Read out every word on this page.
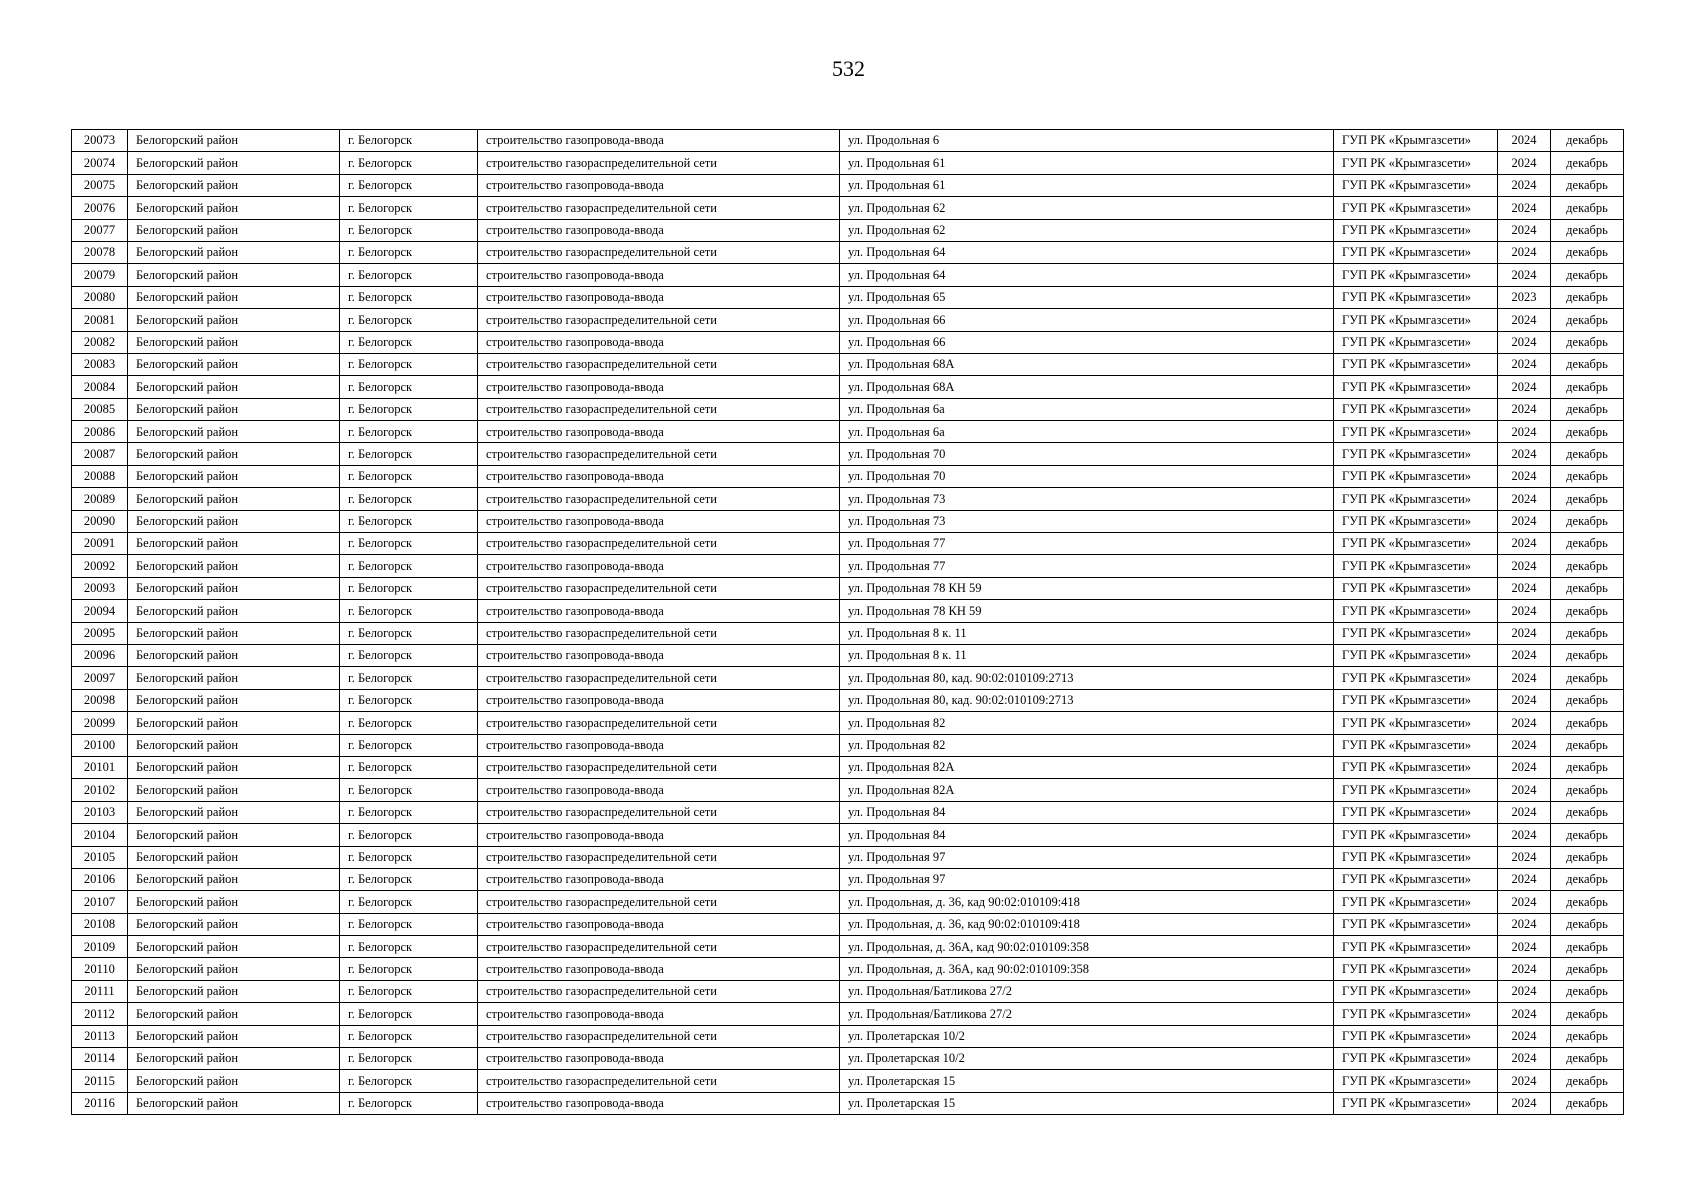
532
20073	Белогорский район	г. Белогорск	строительство газопровода-ввода	ул. Продольная 6	ГУП РК «Крымгазсети»	2024	декабрь
20074	Белогорский район	г. Белогорск	строительство газораспределительной сети	ул. Продольная 61	ГУП РК «Крымгазсети»	2024	декабрь
20075	Белогорский район	г. Белогорск	строительство газопровода-ввода	ул. Продольная 61	ГУП РК «Крымгазсети»	2024	декабрь
20076	Белогорский район	г. Белогорск	строительство газораспределительной сети	ул. Продольная 62	ГУП РК «Крымгазсети»	2024	декабрь
20077	Белогорский район	г. Белогорск	строительство газопровода-ввода	ул. Продольная 62	ГУП РК «Крымгазсети»	2024	декабрь
20078	Белогорский район	г. Белогорск	строительство газораспределительной сети	ул. Продольная 64	ГУП РК «Крымгазсети»	2024	декабрь
20079	Белогорский район	г. Белогорск	строительство газопровода-ввода	ул. Продольная 64	ГУП РК «Крымгазсети»	2024	декабрь
20080	Белогорский район	г. Белогорск	строительство газопровода-ввода	ул. Продольная 65	ГУП РК «Крымгазсети»	2023	декабрь
20081	Белогорский район	г. Белогорск	строительство газораспределительной сети	ул. Продольная 66	ГУП РК «Крымгазсети»	2024	декабрь
20082	Белогорский район	г. Белогорск	строительство газопровода-ввода	ул. Продольная 66	ГУП РК «Крымгазсети»	2024	декабрь
20083	Белогорский район	г. Белогорск	строительство газораспределительной сети	ул. Продольная 68А	ГУП РК «Крымгазсети»	2024	декабрь
20084	Белогорский район	г. Белогорск	строительство газопровода-ввода	ул. Продольная 68А	ГУП РК «Крымгазсети»	2024	декабрь
20085	Белогорский район	г. Белогорск	строительство газораспределительной сети	ул. Продольная 6а	ГУП РК «Крымгазсети»	2024	декабрь
20086	Белогорский район	г. Белогорск	строительство газопровода-ввода	ул. Продольная 6а	ГУП РК «Крымгазсети»	2024	декабрь
20087	Белогорский район	г. Белогорск	строительство газораспределительной сети	ул. Продольная 70	ГУП РК «Крымгазсети»	2024	декабрь
20088	Белогорский район	г. Белогорск	строительство газопровода-ввода	ул. Продольная 70	ГУП РК «Крымгазсети»	2024	декабрь
20089	Белогорский район	г. Белогорск	строительство газораспределительной сети	ул. Продольная 73	ГУП РК «Крымгазсети»	2024	декабрь
20090	Белогорский район	г. Белогорск	строительство газопровода-ввода	ул. Продольная 73	ГУП РК «Крымгазсети»	2024	декабрь
20091	Белогорский район	г. Белогорск	строительство газораспределительной сети	ул. Продольная 77	ГУП РК «Крымгазсети»	2024	декабрь
20092	Белогорский район	г. Белогорск	строительство газопровода-ввода	ул. Продольная 77	ГУП РК «Крымгазсети»	2024	декабрь
20093	Белогорский район	г. Белогорск	строительство газораспределительной сети	ул. Продольная 78 КН 59	ГУП РК «Крымгазсети»	2024	декабрь
20094	Белогорский район	г. Белогорск	строительство газопровода-ввода	ул. Продольная 78 КН 59	ГУП РК «Крымгазсети»	2024	декабрь
20095	Белогорский район	г. Белогорск	строительство газораспределительной сети	ул. Продольная 8 к. 11	ГУП РК «Крымгазсети»	2024	декабрь
20096	Белогорский район	г. Белогорск	строительство газопровода-ввода	ул. Продольная 8 к. 11	ГУП РК «Крымгазсети»	2024	декабрь
20097	Белогорский район	г. Белогорск	строительство газораспределительной сети	ул. Продольная 80, кад. 90:02:010109:2713	ГУП РК «Крымгазсети»	2024	декабрь
20098	Белогорский район	г. Белогорск	строительство газопровода-ввода	ул. Продольная 80, кад. 90:02:010109:2713	ГУП РК «Крымгазсети»	2024	декабрь
20099	Белогорский район	г. Белогорск	строительство газораспределительной сети	ул. Продольная 82	ГУП РК «Крымгазсети»	2024	декабрь
20100	Белогорский район	г. Белогорск	строительство газопровода-ввода	ул. Продольная 82	ГУП РК «Крымгазсети»	2024	декабрь
20101	Белогорский район	г. Белогорск	строительство газораспределительной сети	ул. Продольная 82А	ГУП РК «Крымгазсети»	2024	декабрь
20102	Белогорский район	г. Белогорск	строительство газопровода-ввода	ул. Продольная 82А	ГУП РК «Крымгазсети»	2024	декабрь
20103	Белогорский район	г. Белогорск	строительство газораспределительной сети	ул. Продольная 84	ГУП РК «Крымгазсети»	2024	декабрь
20104	Белогорский район	г. Белогорск	строительство газопровода-ввода	ул. Продольная 84	ГУП РК «Крымгазсети»	2024	декабрь
20105	Белогорский район	г. Белогорск	строительство газораспределительной сети	ул. Продольная 97	ГУП РК «Крымгазсети»	2024	декабрь
20106	Белогорский район	г. Белогорск	строительство газопровода-ввода	ул. Продольная 97	ГУП РК «Крымгазсети»	2024	декабрь
20107	Белогорский район	г. Белогорск	строительство газораспределительной сети	ул. Продольная, д. 36, кад 90:02:010109:418	ГУП РК «Крымгазсети»	2024	декабрь
20108	Белогорский район	г. Белогорск	строительство газопровода-ввода	ул. Продольная, д. 36, кад 90:02:010109:418	ГУП РК «Крымгазсети»	2024	декабрь
20109	Белогорский район	г. Белогорск	строительство газораспределительной сети	ул. Продольная, д. 36А, кад 90:02:010109:358	ГУП РК «Крымгазсети»	2024	декабрь
20110	Белогорский район	г. Белогорск	строительство газопровода-ввода	ул. Продольная, д. 36А, кад 90:02:010109:358	ГУП РК «Крымгазсети»	2024	декабрь
20111	Белогорский район	г. Белогорск	строительство газораспределительной сети	ул. Продольная/Батликова 27/2	ГУП РК «Крымгазсети»	2024	декабрь
20112	Белогорский район	г. Белогорск	строительство газопровода-ввода	ул. Продольная/Батликова 27/2	ГУП РК «Крымгазсети»	2024	декабрь
20113	Белогорский район	г. Белогорск	строительство газораспределительной сети	ул. Пролетарская 10/2	ГУП РК «Крымгазсети»	2024	декабрь
20114	Белогорский район	г. Белогорск	строительство газопровода-ввода	ул. Пролетарская 10/2	ГУП РК «Крымгазсети»	2024	декабрь
20115	Белогорский район	г. Белогорск	строительство газораспределительной сети	ул. Пролетарская 15	ГУП РК «Крымгазсети»	2024	декабрь
20116	Белогорский район	г. Белогорск	строительство газопровода-ввода	ул. Пролетарская 15	ГУП РК «Крымгазсети»	2024	декабрь
